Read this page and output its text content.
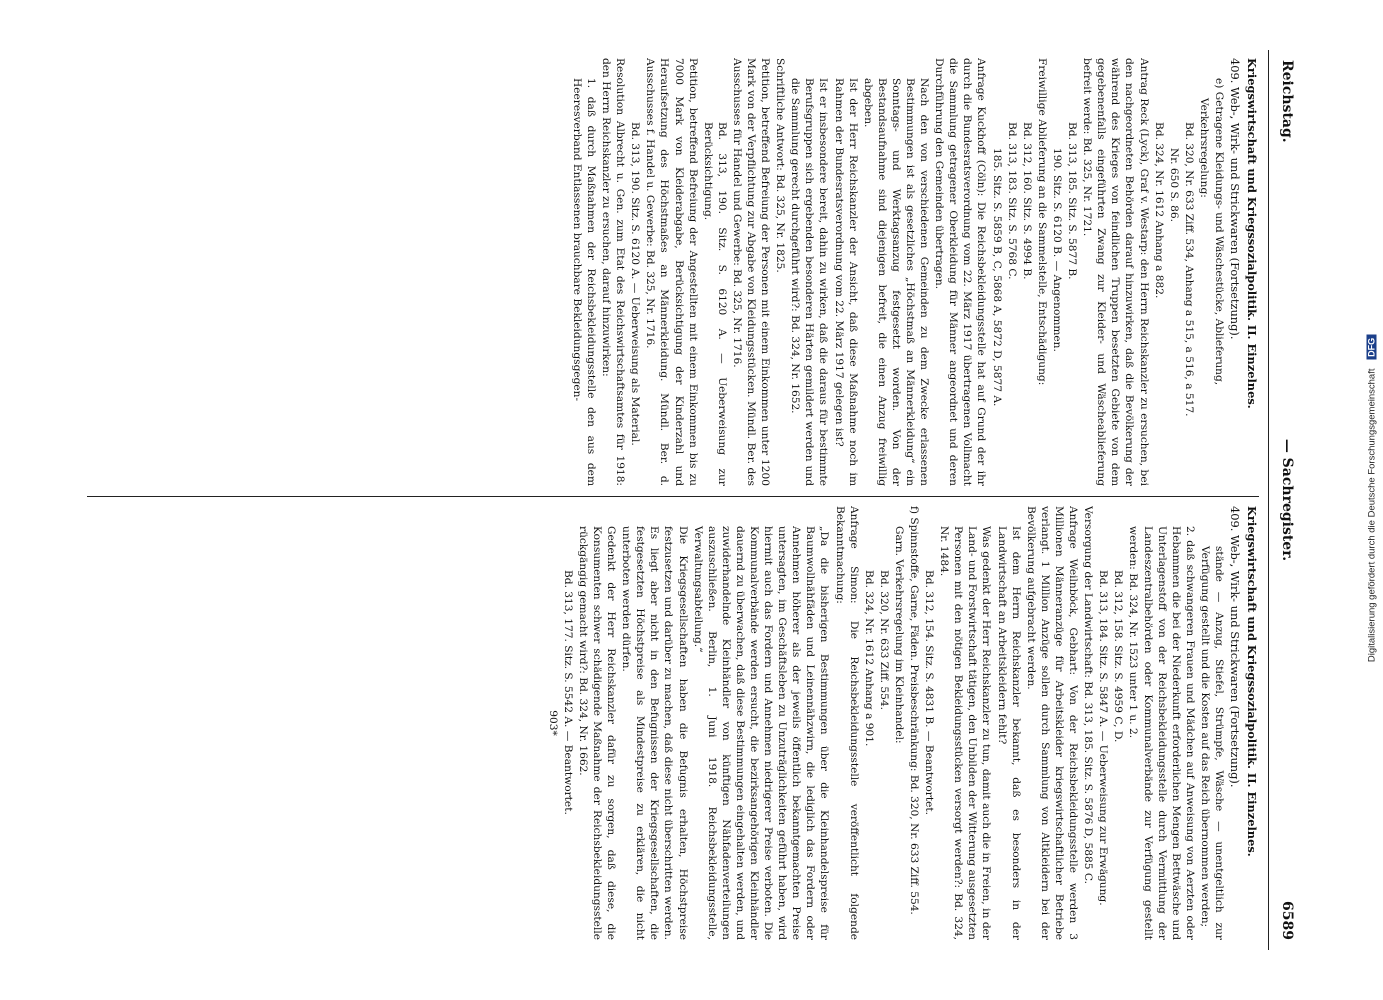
Reichstag.
— Sachregister.
6589
Kriegswirtschaft und Kriegssozialpolitik. II. Einzelnes.
409. Web-, Wirk- und Strickwaren (Fortsetzung).

e) Getragene Kleidungs- und Wäschestücke, Ablieferung,

Verkehrsregelung:

Bd. 320, Nr. 633 Ziff. 534, Anhang a 515, a 516, a 517.

Nr. 650 S. 86.

Bd. 324, Nr. 1612 Anhang a 882.

Antrag Reck (Lyck), Graf v. Westarp: den Herrn Reichskanzler zu ersuchen, bei den nachgeordneten Behörden darauf hinzuwirken, daß die Bevölkerung der während des Krieges von feindlichen Truppen besetzten Gebiete von dem gegebenenfalls eingeführten Zwang zur Kleider- und Wäscheablieferung befreit werde: Bd. 325, Nr. 1721.

Bd. 313, 185. Sitz. S. 5877 B.

190. Sitz. S. 6120 B. — Angenommen.

Freiwillige Ablieferung an die Sammelstelle, Entschädigung:

Bd. 312, 160. Sitz. S. 4994 B.

Bd. 313, 183. Sitz. S. 5768 C.

185. Sitz. S. 5859 B, C, 5868 A, 5872 D, 5877 A.

Anfrage Kuckhoff (Cöln): Die Reichsbekleidungsstelle hat auf Grund der ihr durch die Bundesratsverordnung vom 22. März 1917 übertragenen Vollmacht die Sammlung getragener Oberkleidung für Männer angeordnet und deren Durchführung den Gemeinden übertragen.

Nach den von verschiedenen Gemeinden zu dem Zwecke erlassenen Bestimmungen ist als gesetzliches „Höchstmaß an Männerkleidung“ ein Sonntags- und Werktagsanzug festgesetzt worden. Von der Bestandsaufnahme sind diejenigen befreit, die einen Anzug freiwillig abgeben.

Ist der Herr Reichskanzler der Ansicht, daß diese Maßnahme noch im Rahmen der Bundesratsverordnung vom 22. März 1917 gelegen ist?

Ist er insbesondere bereit, dahin zu wirken, daß die daraus für bestimmte Berufsgruppen sich ergebenden besonderen Härten gemildert werden und die Sammlung gerecht durchgeführt wird?: Bd. 324, Nr. 1652.

Schriftliche Antwort: Bd. 325, Nr. 1825.

Petition, betreffend Befreiung der Personen mit einem Einkommen unter 1200 Mark von der Verpflichtung zur Abgabe von Kleidungsstücken. Mündl. Ber. des Ausschusses für Handel und Gewerbe: Bd. 325, Nr. 1716.

Bd. 313, 190. Sitz. S. 6120 A. — Ueberweisung zur Berücksichtigung.

Petition, betreffend Befreiung der Angestellten mit einem Einkommen bis zu 7000 Mark von Kleiderabgabe, Berücksichtigung der Kinderzahl und Heraufsetzung des Höchstmaßes an Männerkleidung. Mündl. Ber. d. Ausschusses f. Handel u. Gewerbe: Bd. 325, Nr. 1716.

Bd. 313, 190. Sitz. S. 6120 A. — Ueberweisung als Material.

Resolution Albrecht u. Gen. zum Etat des Reichswirtschaftsamtes für 1918: den Herrn Reichskanzler zu ersuchen, darauf hinzuwirken:

1. daß durch Maßnahmen der Reichsbekleidungsstelle den aus dem Heeresverband Entlassenen brauchbare Bekleidungsgegen-

Kriegswirtschaft und Kriegssozialpolitik. II. Einzelnes.
409. Web-, Wirk- und Strickwaren (Fortsetzung).

stände — Anzug, Stiefel, Strümpfe, Wäsche — unentgeltlich zur Verfügung gestellt und die Kosten auf das Reich übernommen werden;

2. daß schwangeren Frauen und Mädchen auf Anweisung von Aerzten oder Hebammen die bei der Niederkunft erforderlichen Mengen Bettwäsche und Unterlagenstoff von der Reichsbekleidungsstelle durch Vermittlung der Landeszentralbehörden oder Kommunalverbände zur Verfügung gestellt werden: Bd. 324, Nr. 1523 unter 1 u. 2.

Bd. 312, 158. Sitz. S. 4959 C, D.

Bd. 313, 184. Sitz. S. 5847 A. — Ueberweisung zur Erwägung.

Versorgung der Landwirtschaft: Bd. 313, 185. Sitz. S. 5876 D, 5885 C.

Anfrage Weilnböck, Gebhart: Von der Reichsbekleidungsstelle werden 3 Millionen Männeranzüge für Arbeitskleider kriegswirtschaftlicher Betriebe verlangt. 1 Million Anzüge sollen durch Sammlung von Altkleidern bei der Bevölkerung aufgebracht werden.

Ist dem Herrn Reichskanzler bekannt, daß es besonders in der Landwirtschaft an Arbeitskleidern fehlt?

Was gedenkt der Herr Reichskanzler zu tun, damit auch die in Freien, in der Land- und Forstwirtschaft tätigen, den Unbilden der Witterung ausgesetzten Personen mit den nötigen Bekleidungsstücken versorgt werden?: Bd. 324, Nr. 1484.

Bd. 312, 154. Sitz. S. 4831 B. — Beantwortet.

f) Spinnstoffe, Garne, Fäden. Preisbeschränkung: Bd. 320, Nr. 633 Ziff. 554.

Garn. Verkehrsregelung im Kleinhandel:

Bd. 320, Nr. 633 Ziff. 554.

Bd. 324, Nr. 1612 Anhang a 901.

Anfrage Simon: Die Reichsbekleidungsstelle veröffentlicht folgende Bekanntmachung:

„Da die bisherigen Bestimmungen über die Kleinhandelspreise für Baumwollnähfäden und Leinennähzwirn, die lediglich das Fordern oder Annehmen höherer als der jeweils öffentlich bekanntgemachten Preise untersagten, im Geschäftsleben zu Unzuträglichkeiten geführt haben, wird hiermit auch das Fordern und Annehmen niedrigerer Preise verboten. Die Kommunalverbände werden ersucht, die bezirksangehörigen Kleinhändler dauernd zu überwachen, daß diese Bestimmungen eingehalten werden, und zuwiderhandelnde Kleinhändler von künftigen Nähfadenverteilungen auszuschließen. Berlin, 1. Juni 1918. Reichsbekleidungsstelle, Verwaltungsabteilung.“

Die Kriegsgesellschaften haben die Befugnis erhalten, Höchstpreise festzusetzen und darüber zu machen, daß diese nicht überschritten werden. Es liegt aber nicht in den Befugnissen der Kriegsgesellschaften, die festgesetzten Höchstpreise als Mindestpreise zu erklären, die nicht unterboten werden dürfen.

Gedenkt der Herr Reichskanzler dafür zu sorgen, daß diese, die Konsumenten schwer schädigende Maßnahme der Reichsbekleidungsstelle rückgängig gemacht wird?: Bd. 324, Nr. 1662.

Bd. 313, 177. Sitz. S. 5542 A. — Beantwortet.

903*

Digitalisierung gefördert durch die Deutsche Forschungsgemeinschaft DFG
